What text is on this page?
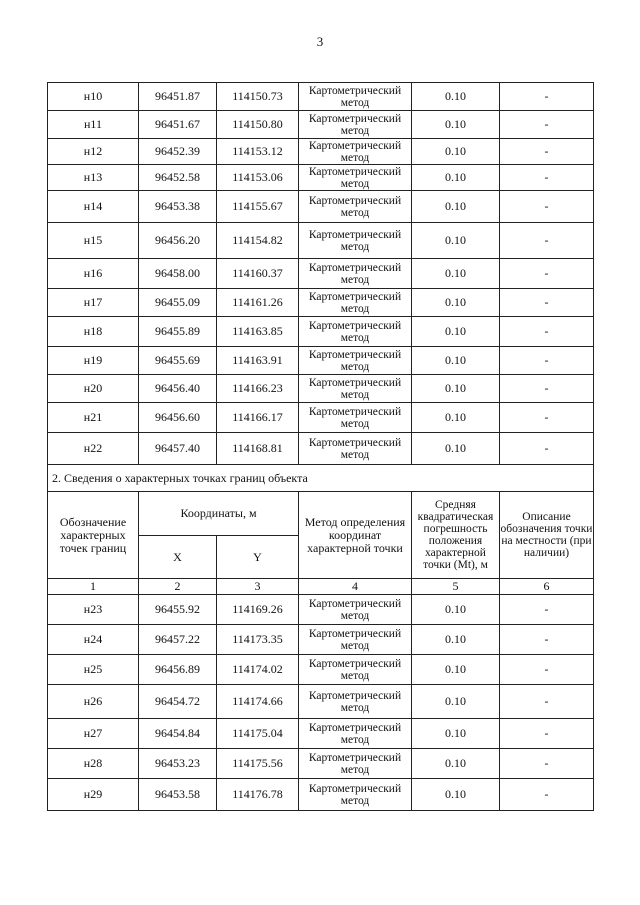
3
н10	96451.87	114150.73	Картометрический метод	0.10	-
н11	96451.67	114150.80	Картометрический метод	0.10	-
н12	96452.39	114153.12	Картометрический метод	0.10	-
н13	96452.58	114153.06	Картометрический метод	0.10	-
н14	96453.38	114155.67	Картометрический метод	0.10	-
н15	96456.20	114154.82	Картометрический метод	0.10	-
н16	96458.00	114160.37	Картометрический метод	0.10	-
н17	96455.09	114161.26	Картометрический метод	0.10	-
н18	96455.89	114163.85	Картометрический метод	0.10	-
н19	96455.69	114163.91	Картометрический метод	0.10	-
н20	96456.40	114166.23	Картометрический метод	0.10	-
н21	96456.60	114166.17	Картометрический метод	0.10	-
н22	96457.40	114168.81	Картометрический метод	0.10	-
2. Сведения о характерных точках границ объекта					
Обозначение характерных точек границ	Координаты, м		Метод определения координат характерной точки	Средняя квадратическая погрешность положения характерной точки (Mt), м	Описание обозначения точки на местности (при наличии)
	X	Y			
1	2	3	4	5	6
н23	96455.92	114169.26	Картометрический метод	0.10	-
н24	96457.22	114173.35	Картометрический метод	0.10	-
н25	96456.89	114174.02	Картометрический метод	0.10	-
н26	96454.72	114174.66	Картометрический метод	0.10	-
н27	96454.84	114175.04	Картометрический метод	0.10	-
н28	96453.23	114175.56	Картометрический метод	0.10	-
н29	96453.58	114176.78	Картометрический метод	0.10	-
